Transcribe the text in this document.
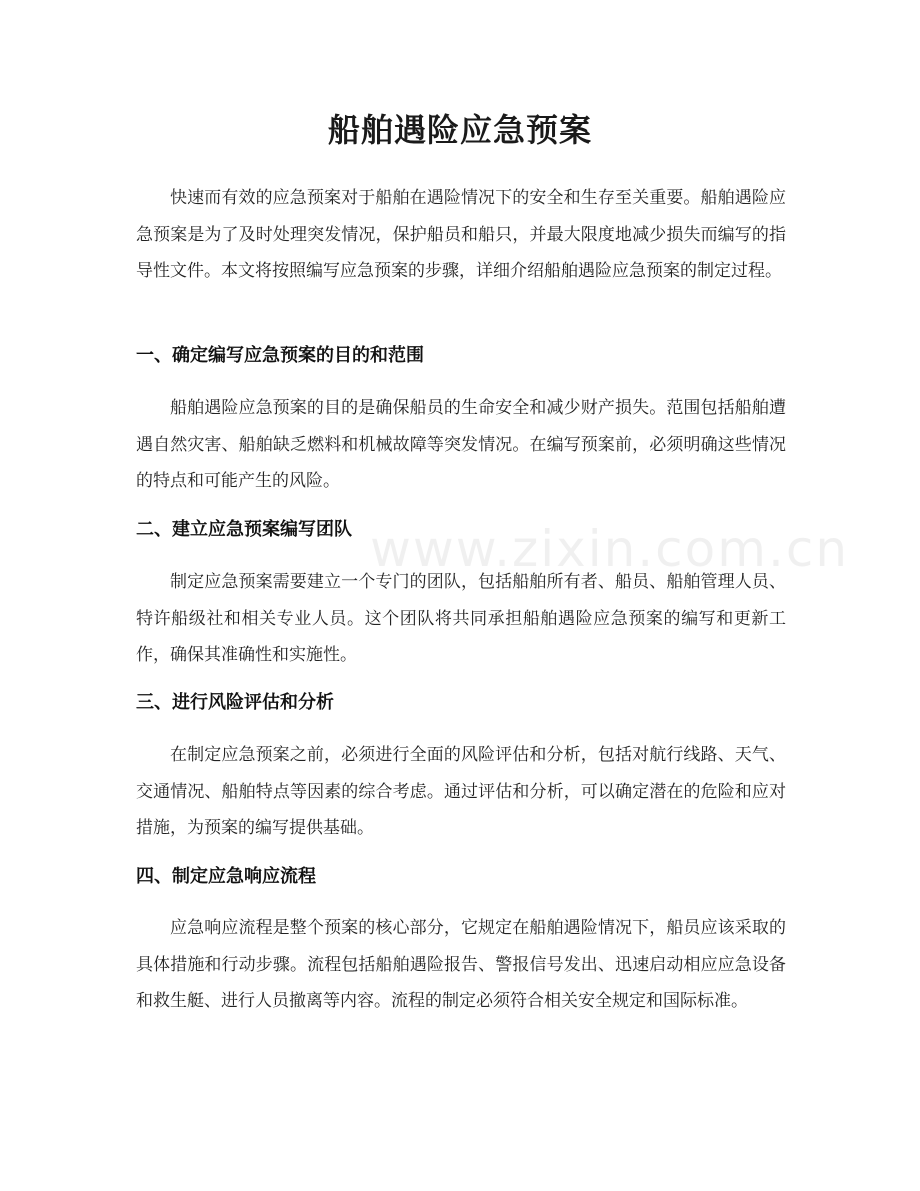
船舶遇险应急预案

快速而有效的应急预案对于船舶在遇险情况下的安全和生存至关重要。船舶遇险应急预案是为了及时处理突发情况，保护船员和船只，并最大限度地减少损失而编写的指导性文件。本文将按照编写应急预案的步骤，详细介绍船舶遇险应急预案的制定过程。

一、确定编写应急预案的目的和范围

船舶遇险应急预案的目的是确保船员的生命安全和减少财产损失。范围包括船舶遭遇自然灾害、船舶缺乏燃料和机械故障等突发情况。在编写预案前，必须明确这些情况的特点和可能产生的风险。

二、建立应急预案编写团队

制定应急预案需要建立一个专门的团队，包括船舶所有者、船员、船舶管理人员、特许船级社和相关专业人员。这个团队将共同承担船舶遇险应急预案的编写和更新工作，确保其准确性和实施性。

三、进行风险评估和分析

在制定应急预案之前，必须进行全面的风险评估和分析，包括对航行线路、天气、交通情况、船舶特点等因素的综合考虑。通过评估和分析，可以确定潜在的危险和应对措施，为预案的编写提供基础。

四、制定应急响应流程

应急响应流程是整个预案的核心部分，它规定在船舶遇险情况下，船员应该采取的具体措施和行动步骤。流程包括船舶遇险报告、警报信号发出、迅速启动相应应急设备和救生艇、进行人员撤离等内容。流程的制定必须符合相关安全规定和国际标准。

www.zixin.com.cn
